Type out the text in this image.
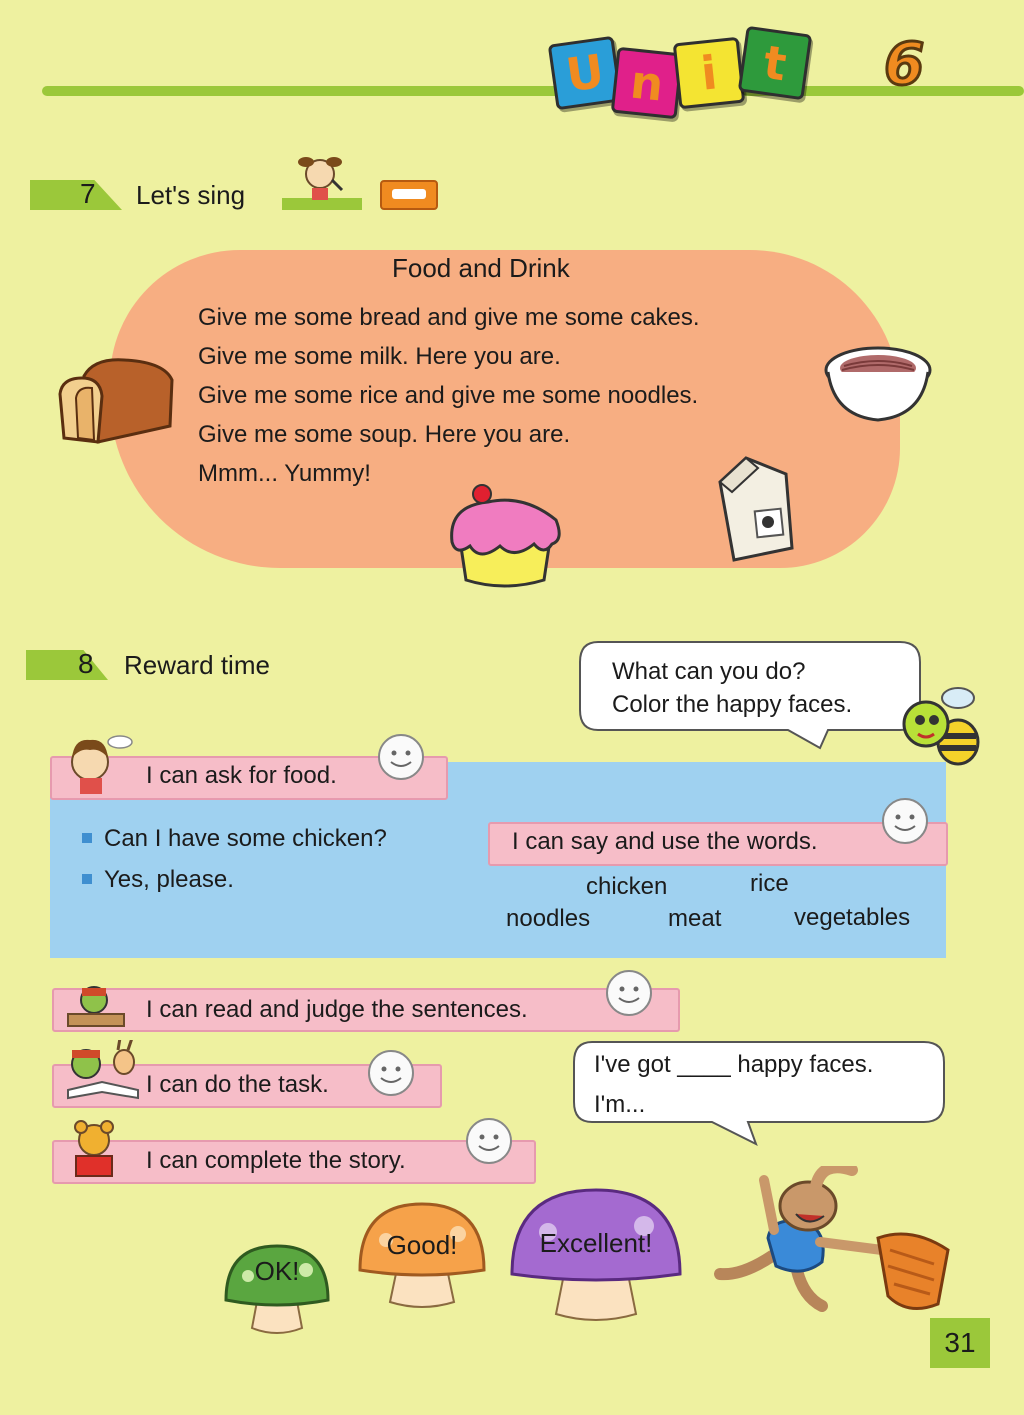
U n i t	6
7 Let's sing
Food and Drink
Give me some bread and give me some cakes.
Give me some milk. Here you are.
Give me some rice and give me some noodles.
Give me some soup. Here you are.
Mmm... Yummy!
8 Reward time	What can you do?
Color the happy faces.
I can ask for food.
Can I have some chicken?
Yes, please.
I can say and use the words.
chicken	rice
noodles	meat	vegetables
I can read and judge the sentences.
I can do the task.
I can complete the story.
I've got ____ happy faces.
I'm...
OK!
Good!	Excellent!
31
